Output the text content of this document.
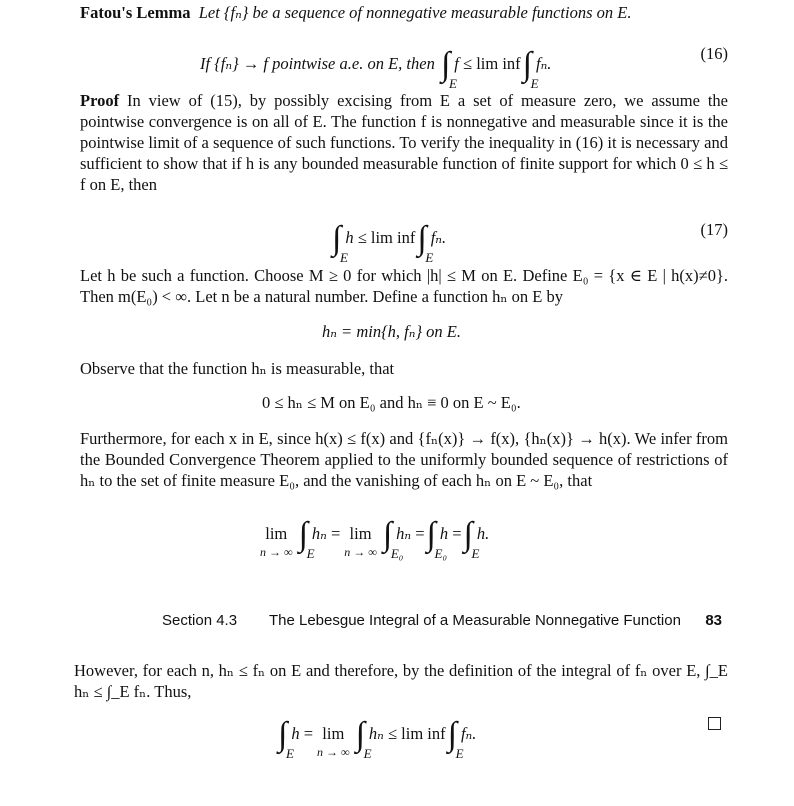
Fatou's Lemma Let {fₙ} be a sequence of nonnegative measurable functions on E.

If {fₙ} → f pointwise a.e. on E, then
∫
E
f
≤
lim inf ∫
E
fₙ.
(16)

Proof In view of (15), by possibly excising from E a set of measure zero, we assume the pointwise convergence is on all of E. The function f is nonnegative and measurable since it is the pointwise limit of a sequence of such functions. To verify the inequality in (16) it is necessary and sufficient to show that if h is any bounded measurable function of finite support for which 0 ≤ h ≤ f on E, then

∫
E
h
≤
lim inf ∫
E
fₙ.	(17)

Let h be such a function. Choose M ≥ 0 for which |h| ≤ M on E. Define E₀ = {x ∈ E | h(x)≠0}. Then m(E₀) < ∞. Let n be a natural number. Define a function hₙ on E by

hₙ = min{h, fₙ} on E.

Observe that the function hₙ is measurable, that

0 ≤ hₙ ≤ M on E₀ and hₙ ≡ 0 on E ~ E₀.

Furthermore, for each x in E, since h(x) ≤ f(x) and {fₙ(x)} → f(x), {hₙ(x)} → h(x). We infer from the Bounded Convergence Theorem applied to the uniformly bounded sequence of restrictions of hₙ to the set of finite measure E₀, and the vanishing of each hₙ on E ~ E₀, that

lim
n → ∞ ∫
E
hₙ
= lim
n → ∞ ∫
E₀
hₙ
= ∫
E₀
h
= ∫
E
h.
Section 4.3 The Lebesgue Integral of a Measurable Nonnegative Function 83

However, for each n, hₙ ≤ fₙ on E and therefore, by the definition of the integral of fₙ over E, ∫_E hₙ ≤ ∫_E fₙ. Thus,

∫
E
h
= lim
n → ∞ ∫
E
hₙ
≤
lim inf ∫
E
fₙ.
